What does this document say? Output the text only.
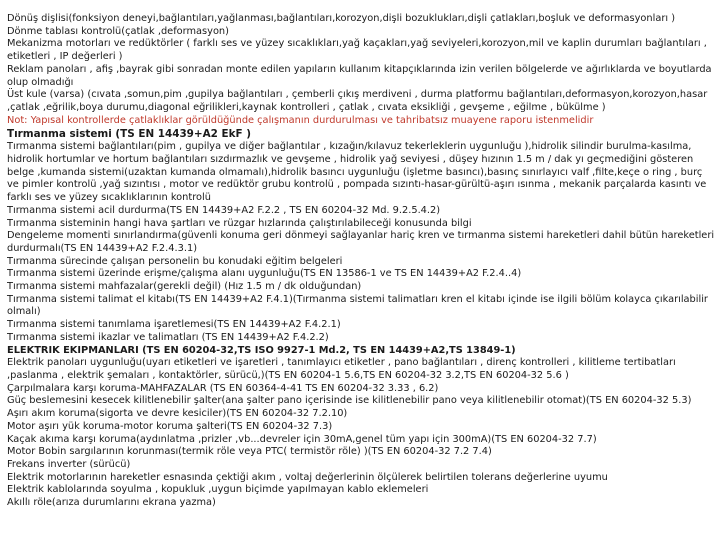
Dönüş dişlisi(fonksiyon deneyi,bağlantıları,yağlanması,bağlantıları,korozyon,dişli bozuklukları,dişli çatlakları,boşluk ve deformasyonları )
Dönme tablası kontrolü(çatlak ,deformasyon)
Mekanizma motorları ve redüktörler ( farklı ses ve yüzey sıcaklıkları,yağ kaçakları,yağ seviyeleri,korozyon,mil ve kaplin durumları bağlantıları , etiketleri , IP değerleri )
Reklam panoları , afiş ,bayrak gibi sonradan monte edilen yapıların kullanım kitapçıklarında izin verilen bölgelerde ve ağırlıklarda ve boyutlarda olup olmadığı
Üst kule (varsa) (cıvata ,somun,pim ,gupilya bağlantıları , çemberli çıkış merdiveni , durma platformu bağlantıları,deformasyon,korozyon,hasar ,çatlak ,eğrilik,boya durumu,diagonal eğrilikleri,kaynak kontrolleri , çatlak , cıvata eksikliği , gevşeme , eğilme , bükülme )
Not: Yapısal kontrollerde çatlaklıklar görüldüğünde çalışmanın durdurulması ve tahribatsız muayene raporu istenmelidir
Tırmanma sistemi (TS EN 14439+A2 EkF )
Tırmanma sistemi bağlantıları(pim , gupilya ve diğer bağlantılar , kızağın/kılavuz tekerleklerin uygunluğu ),hidrolik silindir burulma-kasılma, hidrolik hortumlar ve hortum bağlantıları sızdırmazlık ve gevşeme , hidrolik yağ seviyesi , düşey hızının 1.5 m / dak yı geçmediğini gösteren belge ,kumanda sistemi(uzaktan kumanda olmamalı),hidrolik basıncı uygunluğu (işletme basıncı),basınç sınırlayıcı valf ,filte,keçe o ring , burç ve pimler kontrolü ,yağ sızıntısı , motor ve redüktör grubu kontrolü , pompada sızıntı-hasar-gürültü-aşırı ısınma , mekanik parçalarda kasıntı ve farklı ses ve yüzey sıcaklıklarının kontrolü
Tırmanma sistemi acil durdurma(TS EN 14439+A2 F.2.2 , TS EN 60204-32 Md. 9.2.5.4.2)
Tırmanma sisteminin hangi hava şartları ve rüzgar hızlarında çalıştırılabileceği konusunda bilgi
Dengeleme momenti sınırlandırma(güvenli konuma geri dönmeyi sağlayanlar hariç kren ve tırmanma sistemi hareketleri dahil bütün hareketleri durdurmalı(TS EN 14439+A2 F.2.4.3.1)
Tırmanma sürecinde çalışan personelin bu konudaki eğitim belgeleri
Tırmanma sistemi üzerinde erişme/çalışma alanı uygunluğu(TS EN 13586-1 ve TS EN 14439+A2 F.2.4..4)
Tırmanma sistemi mahfazalar(gerekli değil) (Hız 1.5 m / dk olduğundan)
Tırmanma sistemi talimat el kitabı(TS EN 14439+A2 F.4.1)(Tırmanma sistemi talimatları kren el kitabı içinde ise ilgili bölüm kolayca çıkarılabilir olmalı)
Tırmanma sistemi tanımlama işaretlemesi(TS EN 14439+A2 F.4.2.1)
Tırmanma sistemi ikazlar ve talimatları (TS EN 14439+A2 F.4.2.2)
ELEKTRİK EKİPMANLARI (TS EN 60204-32,TS ISO 9927-1 Md.2, TS EN 14439+A2,TS 13849-1)
Elektrik panoları uygunluğu(uyarı etiketleri ve işaretleri , tanımlayıcı etiketler , pano bağlantıları , direnç kontrolleri , kilitleme tertibatları ,paslanma , elektrik şemaları , kontaktörler, sürücü,)(TS EN 60204-1 5.6,TS EN 60204-32 3.2,TS EN 60204-32 5.6 )
Çarpılmalara karşı koruma-MAHFAZALAR (TS EN 60364-4-41 TS EN 60204-32 3.33 , 6.2)
Güç beslemesini kesecek kilitlenebilir şalter(ana şalter pano içerisinde ise kilitlenebilir pano veya kilitlenebilir otomat)(TS EN 60204-32 5.3)
Aşırı akım koruma(sigorta ve devre kesiciler)(TS EN 60204-32 7.2.10)
Motor aşırı yük koruma-motor koruma şalteri(TS EN 60204-32 7.3)
Kaçak akıma karşı koruma(aydınlatma ,prizler ,vb...devreler için 30mA,genel tüm yapı için 300mA)(TS EN 60204-32 7.7)
Motor Bobin sargılarının korunması(termik röle veya PTC( termistör röle) )(TS EN 60204-32 7.2 7.4)
Frekans inverter (sürücü)
Elektrik motorlarının hareketler esnasında çektiği akım , voltaj değerlerinin ölçülerek belirtilen tolerans değerlerine uyumu
Elektrik kablolarında soyulma , kopukluk ,uygun biçimde yapılmayan kablo eklemeleri
Akıllı röle(arıza durumlarını ekrana yazma)
